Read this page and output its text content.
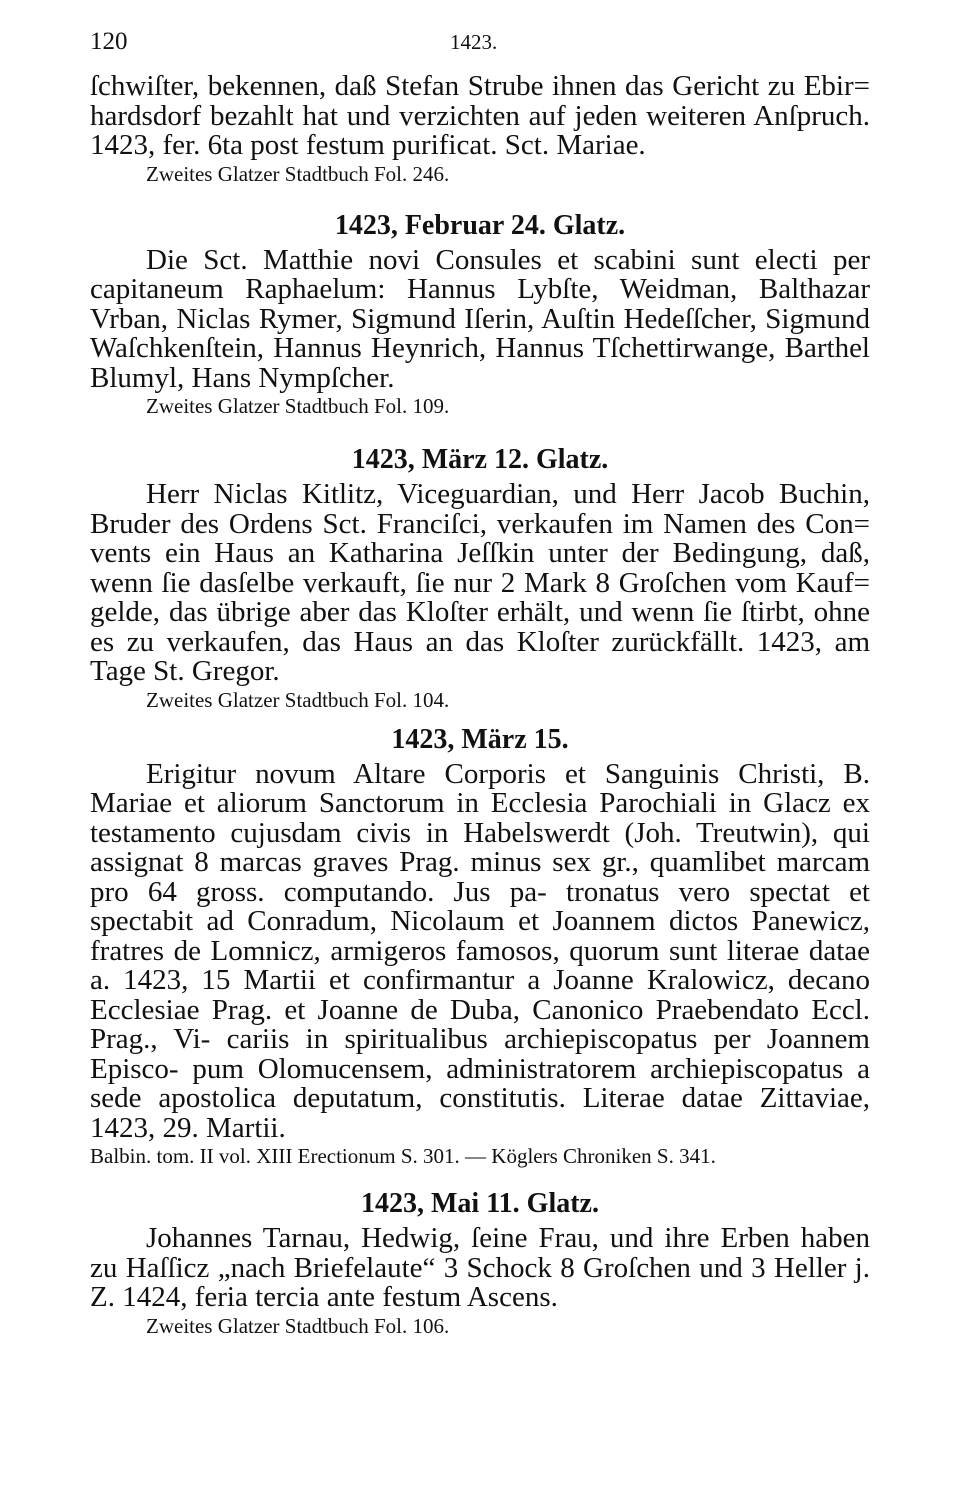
120	1423.

ſchwiſter, bekennen, daß Stefan Strube ihnen das Gericht zu Ebir= hardsdorf bezahlt hat und verzichten auf jeden weiteren Anſpruch. 1423, fer. 6ta post festum purificat. Sct. Mariae.

Zweites Glatzer Stadtbuch Fol. 246.

1423, Februar 24. Glatz.

Die Sct. Matthie novi Consules et scabini sunt electi per capitaneum Raphaelum: Hannus Lybſte, Weidman, Balthazar Vrban, Niclas Rymer, Sigmund Iſerin, Auſtin Hedeſſcher, Sigmund Waſchkenſtein, Hannus Heynrich, Hannus Tſchettirwange, Barthel Blumyl, Hans Nympſcher.

Zweites Glatzer Stadtbuch Fol. 109.

1423, März 12. Glatz.

Herr Niclas Kitlitz, Viceguardian, und Herr Jacob Buchin, Bruder des Ordens Sct. Franciſci, verkaufen im Namen des Con= vents ein Haus an Katharina Jeſſkin unter der Bedingung, daß, wenn ſie dasſelbe verkauft, ſie nur 2 Mark 8 Groſchen vom Kauf= gelde, das übrige aber das Kloſter erhält, und wenn ſie ſtirbt, ohne es zu verkaufen, das Haus an das Kloſter zurückfällt. 1423, am Tage St. Gregor.

Zweites Glatzer Stadtbuch Fol. 104.

1423, März 15.

Erigitur novum Altare Corporis et Sanguinis Christi, B. Mariae et aliorum Sanctorum in Ecclesia Parochiali in Glacz ex testamento cujusdam civis in Habelswerdt (Joh. Treutwin), qui assignat 8 marcas graves Prag. minus sex gr., quamlibet marcam pro 64 gross. computando. Jus pa- tronatus vero spectat et spectabit ad Conradum, Nicolaum et Joannem dictos Panewicz, fratres de Lomnicz, armigeros famosos, quorum sunt literae datae a. 1423, 15 Martii et confirmantur a Joanne Kralowicz, decano Ecclesiae Prag. et Joanne de Duba, Canonico Praebendato Eccl. Prag., Vi- cariis in spiritualibus archiepiscopatus per Joannem Episco- pum Olomucensem, administratorem archiepiscopatus a sede apostolica deputatum, constitutis. Literae datae Zittaviae, 1423, 29. Martii.

Balbin. tom. II vol. XIII Erectionum S. 301. — Köglers Chroniken S. 341.

1423, Mai 11. Glatz.

Johannes Tarnau, Hedwig, ſeine Frau, und ihre Erben haben zu Haſſicz „nach Briefelaute“ 3 Schock 8 Groſchen und 3 Heller j. Z. 1424, feria tercia ante festum Ascens.

Zweites Glatzer Stadtbuch Fol. 106.
